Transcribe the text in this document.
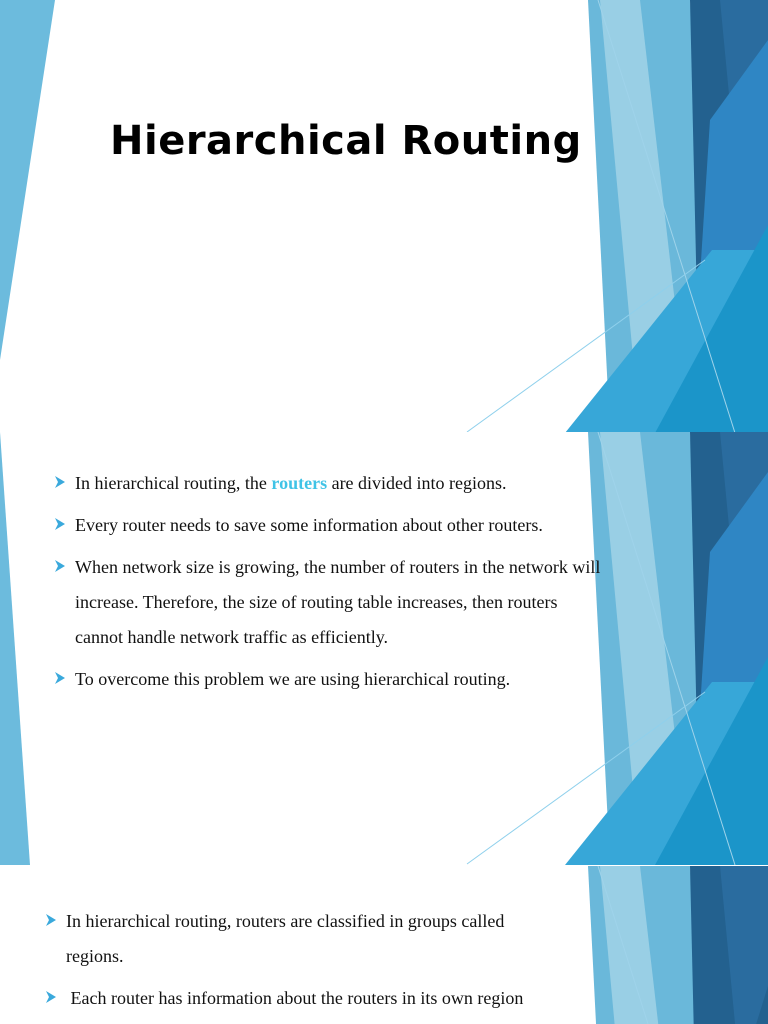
Hierarchical Routing
In hierarchical routing, the routers are divided into regions.
Every router needs to save some information about other routers.
When network size is growing, the number of routers in the network will increase. Therefore, the size of routing table increases, then routers cannot handle network traffic as efficiently.
To overcome this problem we are using hierarchical routing.
In hierarchical routing, routers are classified in groups called regions.
Each router has information about the routers in its own region
